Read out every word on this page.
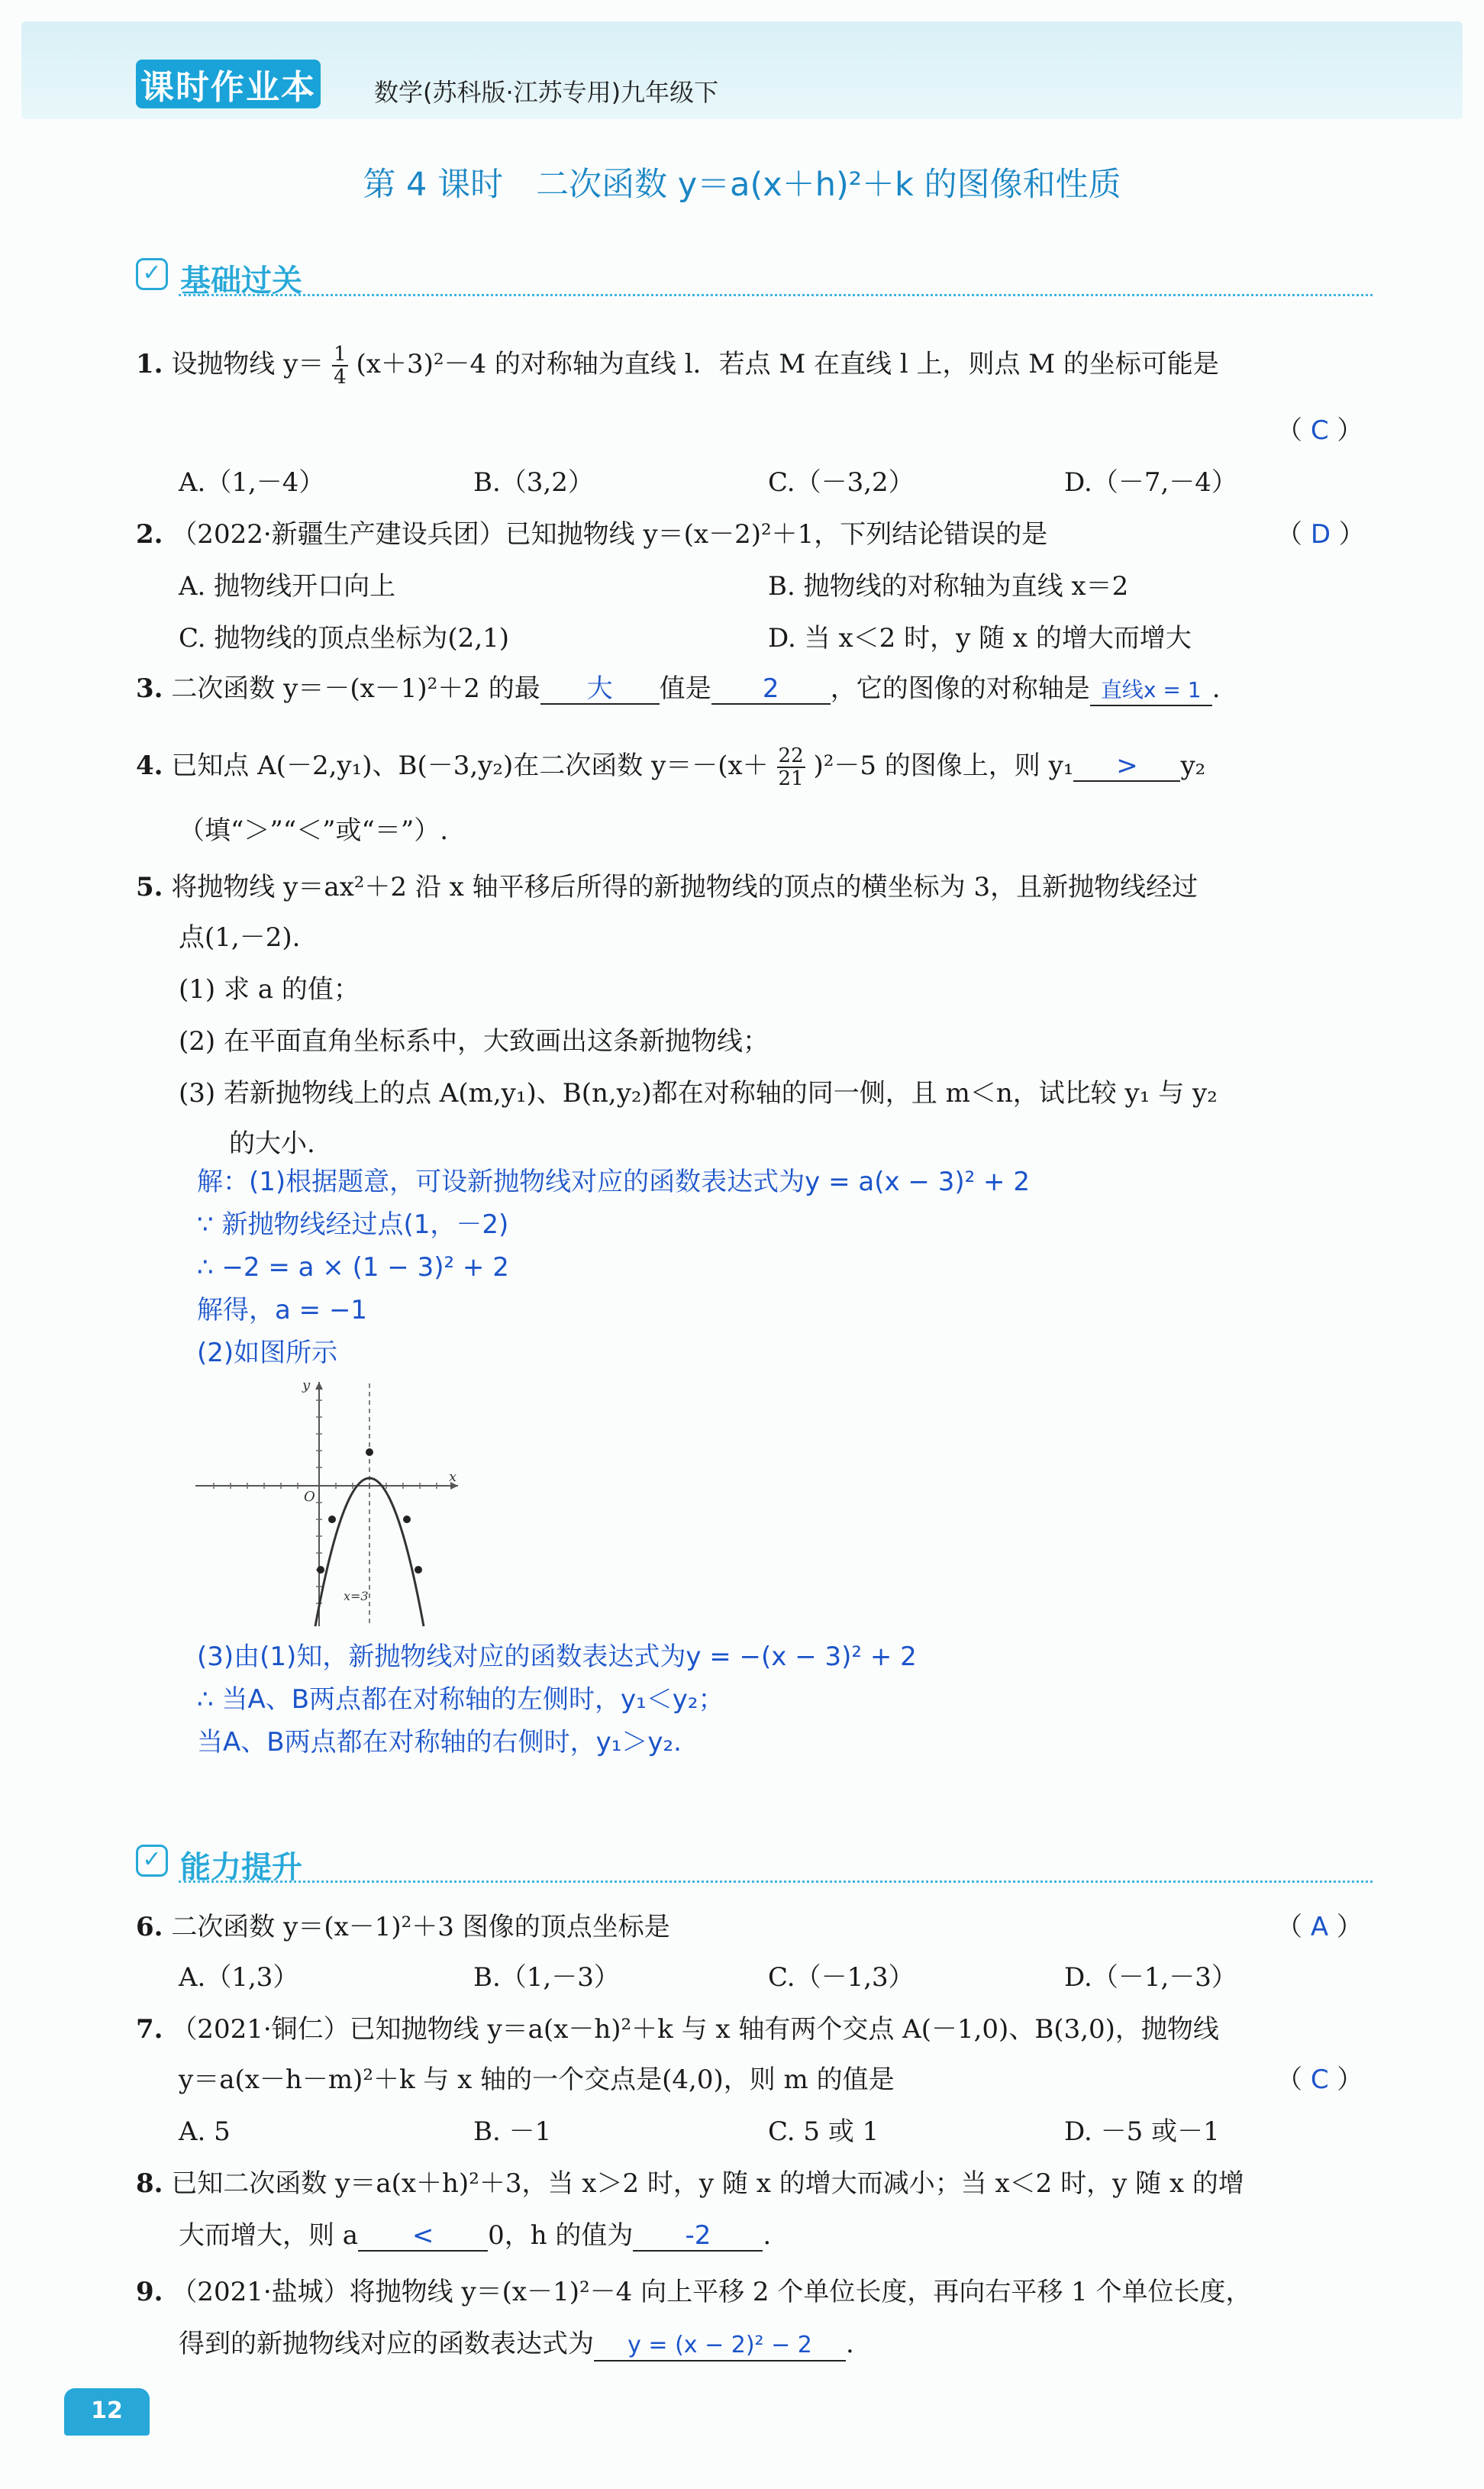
课时作业本	数学(苏科版·江苏专用)九年级下
第 4 课时　二次函数 y＝a(x＋h)²＋k 的图像和性质
✓ 基础过关
1. 设抛物线 $y= \frac{1}{4} (x+3)^2-4$ 的对称轴为直线 l．若点 M 在直线 l 上，则点 M 的坐标可能是
（ C ）
A.（1,－4）	B.（3,2）	C.（－3,2）	D.（－7,－4）
2. （2022·新疆生产建设兵团）已知抛物线 y＝(x－2)²＋1，下列结论错误的是	（ D ）
A. 抛物线开口向上	B. 抛物线的对称轴为直线 x＝2
C. 抛物线的顶点坐标为(2,1)	D. 当 x＜2 时，y 随 x 的增大而增大
3. 二次函数 y＝－(x－1)²＋2 的最 大 值是 2 ，它的图像的对称轴是 直线x = 1 .
4. 已知点 A(－2,y₁)、B(－3,y₂)在二次函数 $y=-(x+ \frac{22}{21} )^2-5$ 的图像上，则 y₁ > y₂
（填“＞”“＜”或“＝”）.
5. 将抛物线 y＝ax²＋2 沿 x 轴平移后所得的新抛物线的顶点的横坐标为 3，且新抛物线经过
点(1,－2).
(1) 求 a 的值；
(2) 在平面直角坐标系中，大致画出这条新抛物线；
(3) 若新抛物线上的点 A(m,y₁)、B(n,y₂)都在对称轴的同一侧，且 m＜n，试比较 y₁ 与 y₂
的大小.
解：(1)根据题意，可设新抛物线对应的函数表达式为y = a(x − 3)² + 2
∵ 新抛物线经过点(1，－2)
∴ −2 = a × (1 − 3)² + 2
解得，a = −1
(2)如图所示
y
x
O
x=3
(3)由(1)知，新抛物线对应的函数表达式为y = −(x − 3)² + 2
∴ 当A、B两点都在对称轴的左侧时，y₁＜y₂；
当A、B两点都在对称轴的右侧时，y₁＞y₂.
✓ 能力提升
6. 二次函数 y＝(x－1)²＋3 图像的顶点坐标是	（ A ）
A.（1,3）	B.（1,－3）	C.（－1,3）	D.（－1,－3）
7. （2021·铜仁）已知抛物线 y＝a(x－h)²＋k 与 x 轴有两个交点 A(－1,0)、B(3,0)，抛物线
y＝a(x－h－m)²＋k 与 x 轴的一个交点是(4,0)，则 m 的值是	（ C ）
A. 5	B. －1	C. 5 或 1	D. －5 或－1
8. 已知二次函数 y＝a(x＋h)²＋3，当 x＞2 时，y 随 x 的增大而减小；当 x＜2 时，y 随 x 的增
大而增大，则 a < 0，h 的值为 -2 .
9. （2021·盐城）将抛物线 y＝(x－1)²－4 向上平移 2 个单位长度，再向右平移 1 个单位长度，
得到的新抛物线对应的函数表达式为 y = (x − 2)² − 2 .
12
